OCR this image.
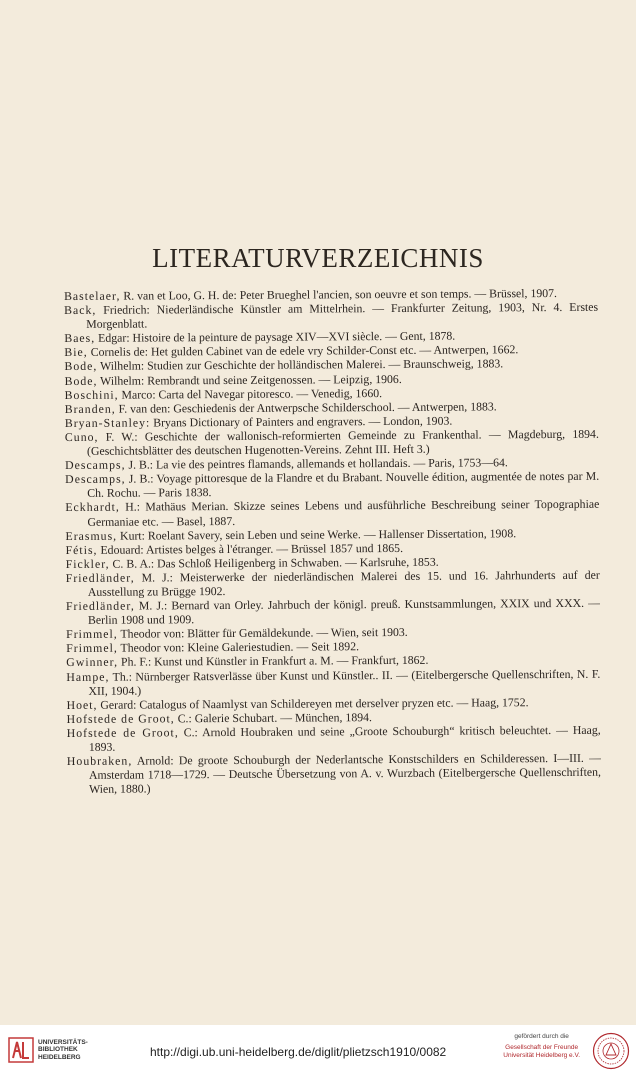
LITERATURVERZEICHNIS

Bastelaer, R. van et Loo, G. H. de: Peter Brueghel l'ancien, son oeuvre et son temps. — Brüssel, 1907.

Back, Friedrich: Niederländische Künstler am Mittelrhein. — Frankfurter Zeitung, 1903, Nr. 4. Erstes Morgenblatt.

Baes, Edgar: Histoire de la peinture de paysage XIV—XVI siècle. — Gent, 1878.

Bie, Cornelis de: Het gulden Cabinet van de edele vry Schilder-Const etc. — Antwerpen, 1662.

Bode, Wilhelm: Studien zur Geschichte der holländischen Malerei. — Braunschweig, 1883.

Bode, Wilhelm: Rembrandt und seine Zeitgenossen. — Leipzig, 1906.

Boschini, Marco: Carta del Navegar pitoresco. — Venedig, 1660.

Branden, F. van den: Geschiedenis der Antwerpsche Schilderschool. — Antwerpen, 1883.

Bryan-Stanley: Bryans Dictionary of Painters and engravers. — London, 1903.

Cuno, F. W.: Geschichte der wallonisch-reformierten Gemeinde zu Frankenthal. — Magdeburg, 1894. (Geschichtsblätter des deutschen Hugenotten-Vereins. Zehnt III. Heft 3.)

Descamps, J. B.: La vie des peintres flamands, allemands et hollandais. — Paris, 1753—64.

Descamps, J. B.: Voyage pittoresque de la Flandre et du Brabant. Nouvelle édition, augmentée de notes par M. Ch. Rochu. — Paris 1838.

Eckhardt, H.: Mathäus Merian. Skizze seines Lebens und ausführliche Beschreibung seiner Topographiae Germaniae etc. — Basel, 1887.

Erasmus, Kurt: Roelant Savery, sein Leben und seine Werke. — Hallenser Dissertation, 1908.

Fétis, Edouard: Artistes belges à l'étranger. — Brüssel 1857 und 1865.

Fickler, C. B. A.: Das Schloß Heiligenberg in Schwaben. — Karlsruhe, 1853.

Friedländer, M. J.: Meisterwerke der niederländischen Malerei des 15. und 16. Jahrhunderts auf der Ausstellung zu Brügge 1902.

Friedländer, M. J.: Bernard van Orley. Jahrbuch der königl. preuß. Kunstsammlungen, XXIX und XXX. — Berlin 1908 und 1909.

Frimmel, Theodor von: Blätter für Gemäldekunde. — Wien, seit 1903.

Frimmel, Theodor von: Kleine Galeriestudien. — Seit 1892.

Gwinner, Ph. F.: Kunst und Künstler in Frankfurt a. M. — Frankfurt, 1862.

Hampe, Th.: Nürnberger Ratsverlässe über Kunst und Künstler.. II. — (Eitelbergersche Quellenschriften, N. F. XII, 1904.)

Hoet, Gerard: Catalogus of Naamlyst van Schildereyen met derselver pryzen etc. — Haag, 1752.

Hofstede de Groot, C.: Galerie Schubart. — München, 1894.

Hofstede de Groot, C.: Arnold Houbraken und seine „Groote Schouburgh“ kritisch beleuchtet. — Haag, 1893.

Houbraken, Arnold: De groote Schouburgh der Nederlantsche Konstschilders en Schilderessen. I—III. — Amsterdam 1718—1729. — Deutsche Übersetzung von A. v. Wurzbach (Eitelbergersche Quellenschriften, Wien, 1880.)

UNIVERSITÄTS-
BIBLIOTHEK
HEIDELBERG	http://digi.ub.uni-heidelberg.de/diglit/plietzsch1910/0082
gefördert durch die
Gesellschaft der Freunde
Universität Heidelberg e.V.
